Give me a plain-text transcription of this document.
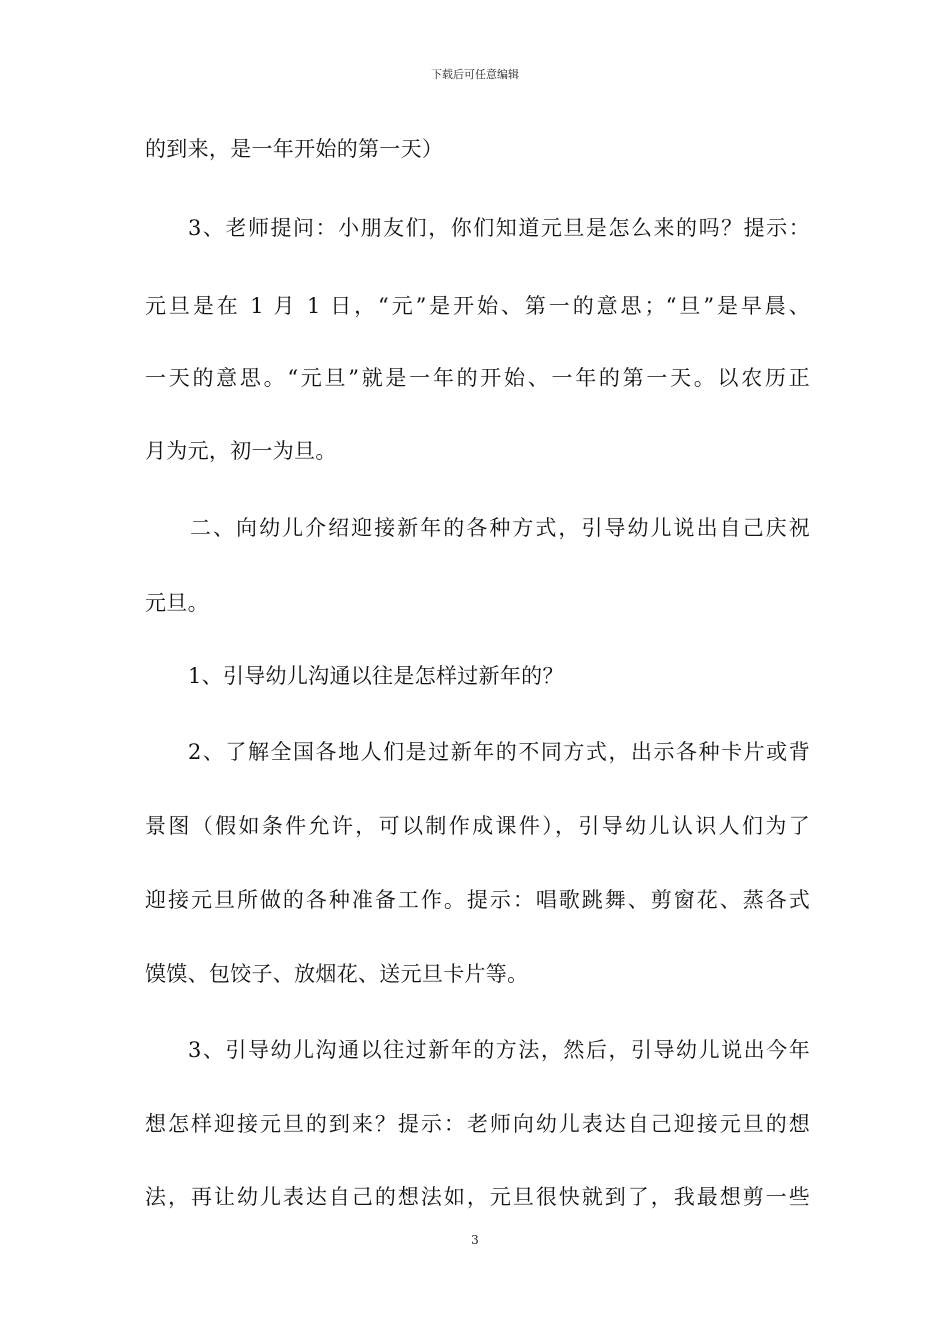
下载后可任意编辑
的到来，是一年开始的第一天）
3、老师提问：小朋友们，你们知道元旦是怎么来的吗？提示：
元旦是在 1 月 1 日，“元”是开始、第一的意思；“旦”是早晨、
一天的意思。“元旦”就是一年的开始、一年的第一天。以农历正
月为元，初一为旦。
二、向幼儿介绍迎接新年的各种方式，引导幼儿说出自己庆祝
元旦。
1、引导幼儿沟通以往是怎样过新年的？
2、了解全国各地人们是过新年的不同方式，出示各种卡片或背
景图（假如条件允许，可以制作成课件），引导幼儿认识人们为了
迎接元旦所做的各种准备工作。提示：唱歌跳舞、剪窗花、蒸各式
馍馍、包饺子、放烟花、送元旦卡片等。
3、引导幼儿沟通以往过新年的方法，然后，引导幼儿说出今年
想怎样迎接元旦的到来？提示：老师向幼儿表达自己迎接元旦的想
法，再让幼儿表达自己的想法如，元旦很快就到了，我最想剪一些
3
